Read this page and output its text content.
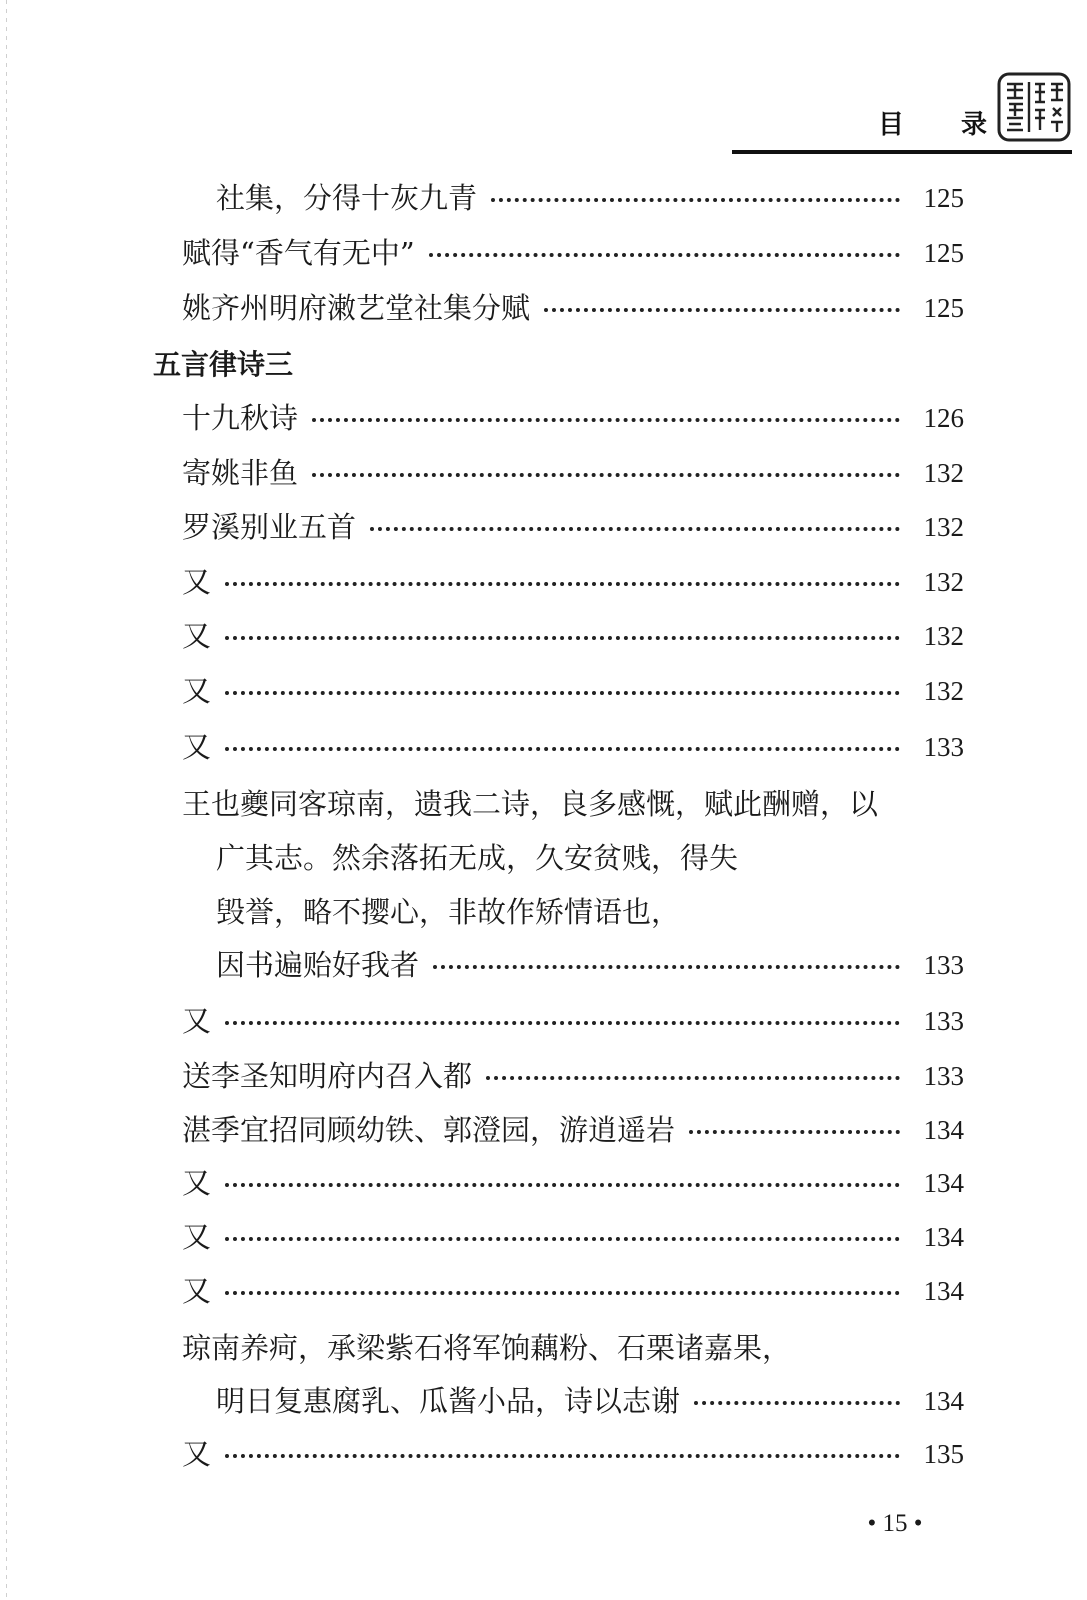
目 录
社集，分得十灰九青	125
赋得“香气有无中”	125
姚齐州明府潄艺堂社集分赋	125
五言律诗三
十九秋诗	126
寄姚非鱼	132
罗溪别业五首	132
又	132
又	132
又	132
又	133
王也夔同客琼南，遗我二诗，良多感慨，赋此酬赠，以
广其志。然余落拓无成，久安贫贱，得失
毁誉，略不撄心，非故作矫情语也，
因书遍贻好我者	133
又	133
送李圣知明府内召入都	133
湛季宜招同顾幼铁、郭澄园，游逍遥岩	134
又	134
又	134
又	134
琼南养疴，承梁紫石将军饷藕粉、石栗诸嘉果，
明日复惠腐乳、瓜酱小品，诗以志谢	134
又	135
• 15 •
